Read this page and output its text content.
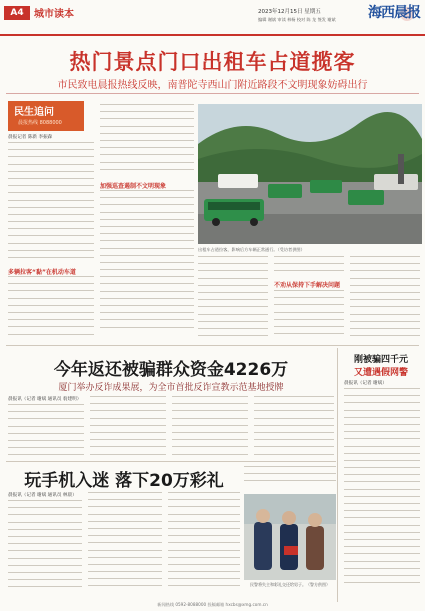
A4	城市读本	2023年12月15日 星期五
编辑 谢斌 审读 林杨 校对 陈 龙 签发 谢斌 海西晨报
热门景点门口出租车占道揽客
市民致电晨报热线反映，南普陀寺西山门附近路段不文明现象妨碍出行
民生追问
晨报热线 8088000
晨报记者 陈新 李振森
多辆拉客“黏”在机动车道
加强巡查遏制不文明现象
出租车占道拉客，影响后方车辆正常通行。（受访者供图）
不劝从保持下手解决问题
今年返还被骗群众资金4226万
厦门举办反诈成果展，为全市首批反诈宣教示范基地授牌
晨报讯（记者 谢斌 通讯员 翁建明）
刚被骗四千元
又遭遇假网警
晨报讯（记者 谢斌）
玩手机入迷 落下20万彩礼
晨报讯（记者 谢斌 通讯员 林晨）
民警将失主和彩礼交还给男子。（警方供图）
新闻热线 0592-8088000 投稿邮箱 hxcbs@xmg.com.cn
